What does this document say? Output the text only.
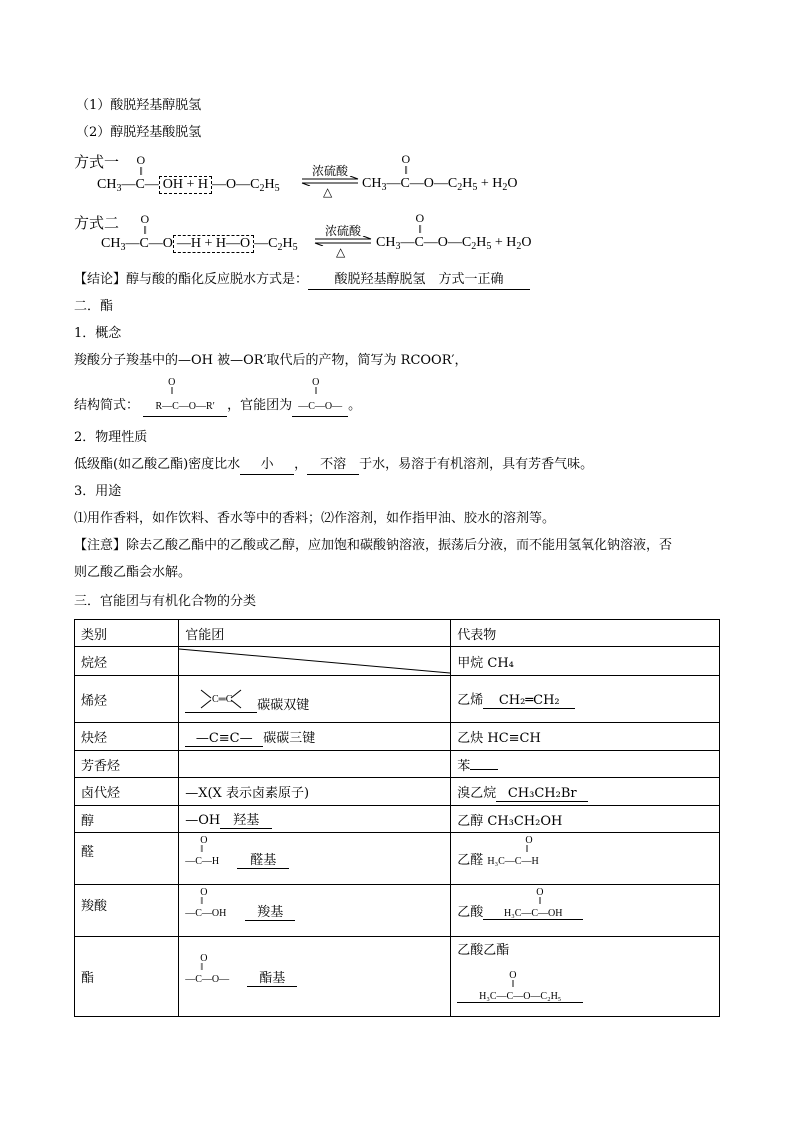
（1）酸脱羟基醇脱氢
（2）醇脱羟基酸脱氢
方式一
$CH_3—C$
O
‖
— OH + H $—O—C_2H_5$
浓硫酸
△
$CH_3—C$
O
‖
$—O—C_2H_5 + H_2O$
方式二
$CH_3—C$
O
‖
—O —H + H—O $—C_2H_5$
浓硫酸
△
$CH_3—C$
O
‖
$—O—C_2H_5 + H_2O$
【结论】醇与酸的酯化反应脱水方式是： 酸脱羟基醇脱氢　方式一正确
二．酯
1．概念
羧酸分子羧基中的—OH 被—OR′取代后的产物，简写为 RCOOR′，
结构简式：
O
‖
R—C—O—R′，官能团为
O
‖
—C—O—。
2．物理性质
低级酯(如乙酸乙酯)密度比水 小 ， 不溶 于水，易溶于有机溶剂，具有芳香气味。
3．用途
⑴用作香料，如作饮料、香水等中的香料；⑵作溶剂，如作指甲油、胶水的溶剂等。
【注意】除去乙酸乙酯中的乙酸或乙醇，应加饱和碳酸钠溶液，振荡后分液，而不能用氢氧化钠溶液，否
则乙酸乙酯会水解。
三．官能团与有机化合物的分类
类别	官能团	代表物
烷烃		甲烷 CH₄
烯烃	C═C 碳碳双键	乙烯 CH₂═CH₂
炔烃	—C≡C— 碳碳三键	乙炔 HC≡CH
芳香烃		苯
卤代烃	—X(X 表示卤素原子)	溴乙烷 CH₃CH₂Br
醇	—OH 羟基	乙醇 CH₃CH₂OH
醛	O
‖
—C—H 醛基	乙醛
O
‖
H₃C—C—H
羧酸	O
‖
—C—OH 羧基	乙酸
O
‖
H₃C—C—OH
酯	O
‖
—C—O— 酯基	乙酸乙酯
O
‖
H₃C—C—O—C₂H₅
